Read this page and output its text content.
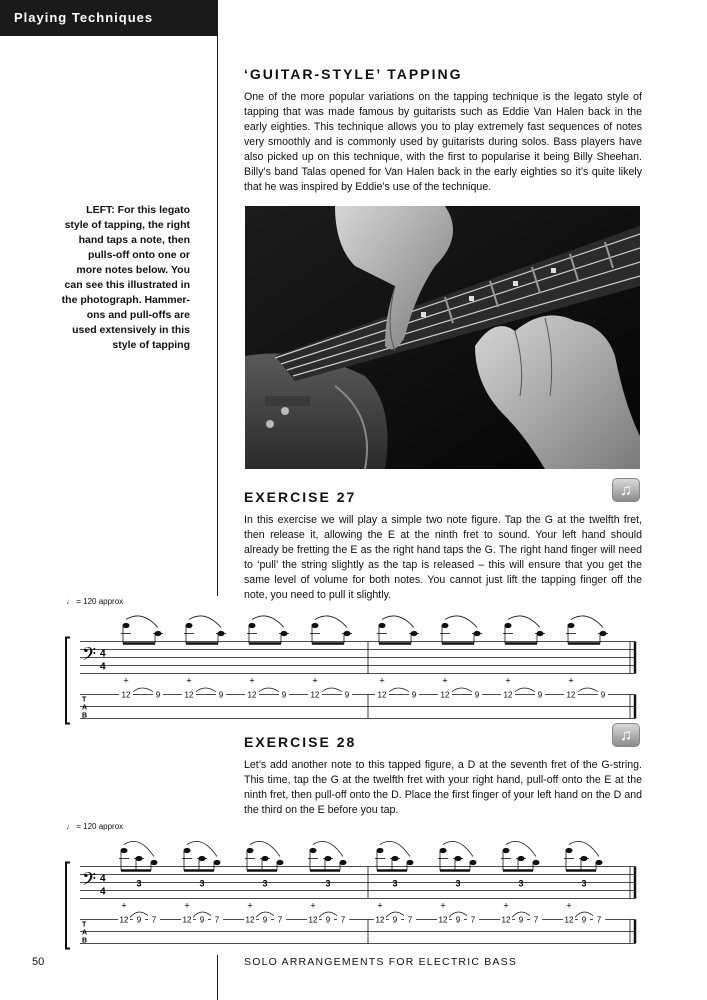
Playing Techniques
LEFT: For this legato style of tapping, the right hand taps a note, then pulls-off onto one or more notes below. You can see this illustrated in the photograph. Hammer-ons and pull-offs are used extensively in this style of tapping
‘GUITAR-STYLE’ TAPPING
One of the more popular variations on the tapping technique is the legato style of tapping that was made famous by guitarists such as Eddie Van Halen back in the early eighties. This technique allows you to play extremely fast sequences of notes very smoothly and is commonly used by guitarists during solos. Bass players have also picked up on this technique, with the first to popularise it being Billy Sheehan. Billy’s band Talas opened for Van Halen back in the early eighties so it’s quite likely that he was inspired by Eddie’s use of the technique.
EXERCISE 27	♫
In this exercise we will play a simple two note figure. Tap the G at the twelfth fret, then release it, allowing the E at the ninth fret to sound. Your left hand should already be fretting the E as the right hand taps the G. The right hand finger will need to ‘pull’ the string slightly as the tap is released – this will ensure that you get the same level of volume for both notes. You cannot just lift the tapping finger off the note, you need to pull it slightly.
♩ = 120 approx
𝄢 4
4
T
A
B
+
12	9
+
12	9
+
12	9
+
12	9
+
12	9
+
12	9
+
12	9
+
12	9
EXERCISE 28	♫
Let’s add another note to this tapped figure, a D at the seventh fret of the G-string. This time, tap the G at the twelfth fret with your right hand, pull-off onto the E at the ninth fret, then pull-off onto the D. Place the first finger of your left hand on the D and the third on the E before you tap.
♩ = 120 approx
𝄢 4
4
T
A
B
3
+
12 9 7
3
+
12 9 7
3
+
12 9 7
3
+
12 9 7
3
+
12 9 7
3
+
12 9 7
3
+
12 9 7
3
+
12 9 7
50	SOLO ARRANGEMENTS FOR ELECTRIC BASS
